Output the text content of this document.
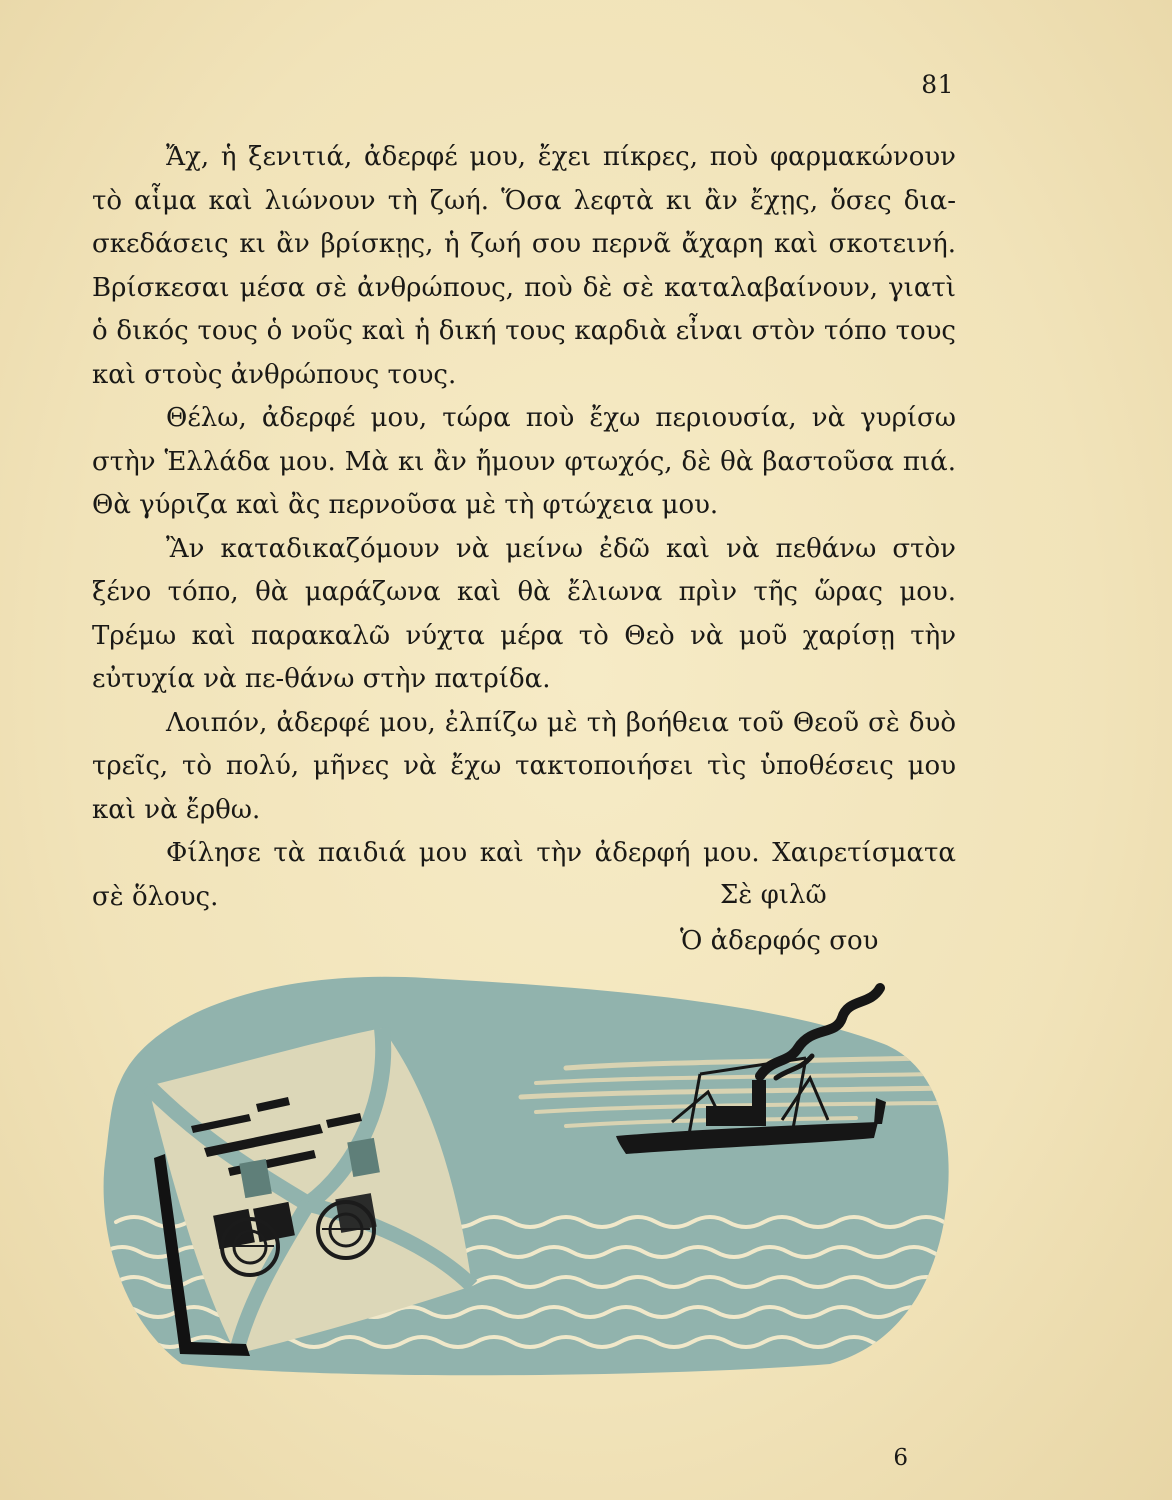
81

Ἄχ, ἡ ξενιτιά, ἀδερφέ μου, ἔχει πίκρες, ποὺ φαρμακώνουν τὸ αἷμα καὶ λιώνουν τὴ ζωή. Ὅσα λεφτὰ κι ἂν ἔχῃς, ὅσες δια-σκεδάσεις κι ἂν βρίσκῃς, ἡ ζωή σου περνᾶ ἄχαρη καὶ σκοτεινή. Βρίσκεσαι μέσα σὲ ἀνθρώπους, ποὺ δὲ σὲ καταλαβαίνουν, γιατὶ ὁ δικός τους ὁ νοῦς καὶ ἡ δική τους καρδιὰ εἶναι στὸν τόπο τους καὶ στοὺς ἀνθρώπους τους.

Θέλω, ἀδερφέ μου, τώρα ποὺ ἔχω περιουσία, νὰ γυρίσω στὴν Ἑλλάδα μου. Μὰ κι ἂν ἤμουν φτωχός, δὲ θὰ βαστοῦσα πιά. Θὰ γύριζα καὶ ἂς περνοῦσα μὲ τὴ φτώχεια μου.

Ἂν καταδικαζόμουν νὰ μείνω ἐδῶ καὶ νὰ πεθάνω στὸν ξένο τόπο, θὰ μαράζωνα καὶ θὰ ἔλιωνα πρὶν τῆς ὥρας μου. Τρέμω καὶ παρακαλῶ νύχτα μέρα τὸ Θεὸ νὰ μοῦ χαρίσῃ τὴν εὐτυχία νὰ πε-θάνω στὴν πατρίδα.

Λοιπόν, ἀδερφέ μου, ἐλπίζω μὲ τὴ βοήθεια τοῦ Θεοῦ σὲ δυὸ τρεῖς, τὸ πολύ, μῆνες νὰ ἔχω τακτοποιήσει τὶς ὑποθέσεις μου καὶ νὰ ἔρθω.

Φίλησε τὰ παιδιά μου καὶ τὴν ἀδερφή μου. Χαιρετίσματα σὲ ὅλους.	Σὲ φιλῶ
Ὁ ἀδερφός σου
6
